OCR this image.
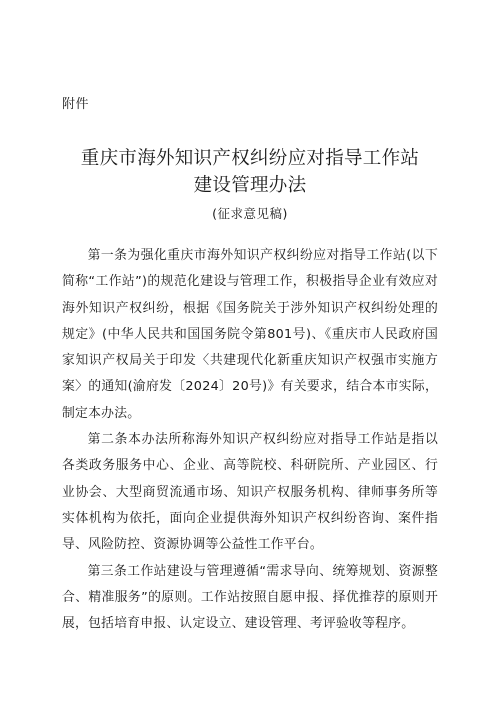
附件
重庆市海外知识产权纠纷应对指导工作站
建设管理办法
(征求意见稿)

第一条为强化重庆市海外知识产权纠纷应对指导工作站(以下简称“工作站”)的规范化建设与管理工作，积极指导企业有效应对海外知识产权纠纷，根据《国务院关于涉外知识产权纠纷处理的规定》(中华人民共和国国务院令第801号)、《重庆市人民政府国家知识产权局关于印发〈共建现代化新重庆知识产权强市实施方案〉的通知(渝府发〔2024〕20号)》有关要求，结合本市实际，制定本办法。

第二条本办法所称海外知识产权纠纷应对指导工作站是指以各类政务服务中心、企业、高等院校、科研院所、产业园区、行业协会、大型商贸流通市场、知识产权服务机构、律师事务所等实体机构为依托，面向企业提供海外知识产权纠纷咨询、案件指导、风险防控、资源协调等公益性工作平台。

第三条工作站建设与管理遵循“需求导向、统筹规划、资源整合、精准服务”的原则。工作站按照自愿申报、择优推荐的原则开展，包括培育申报、认定设立、建设管理、考评验收等程序。
